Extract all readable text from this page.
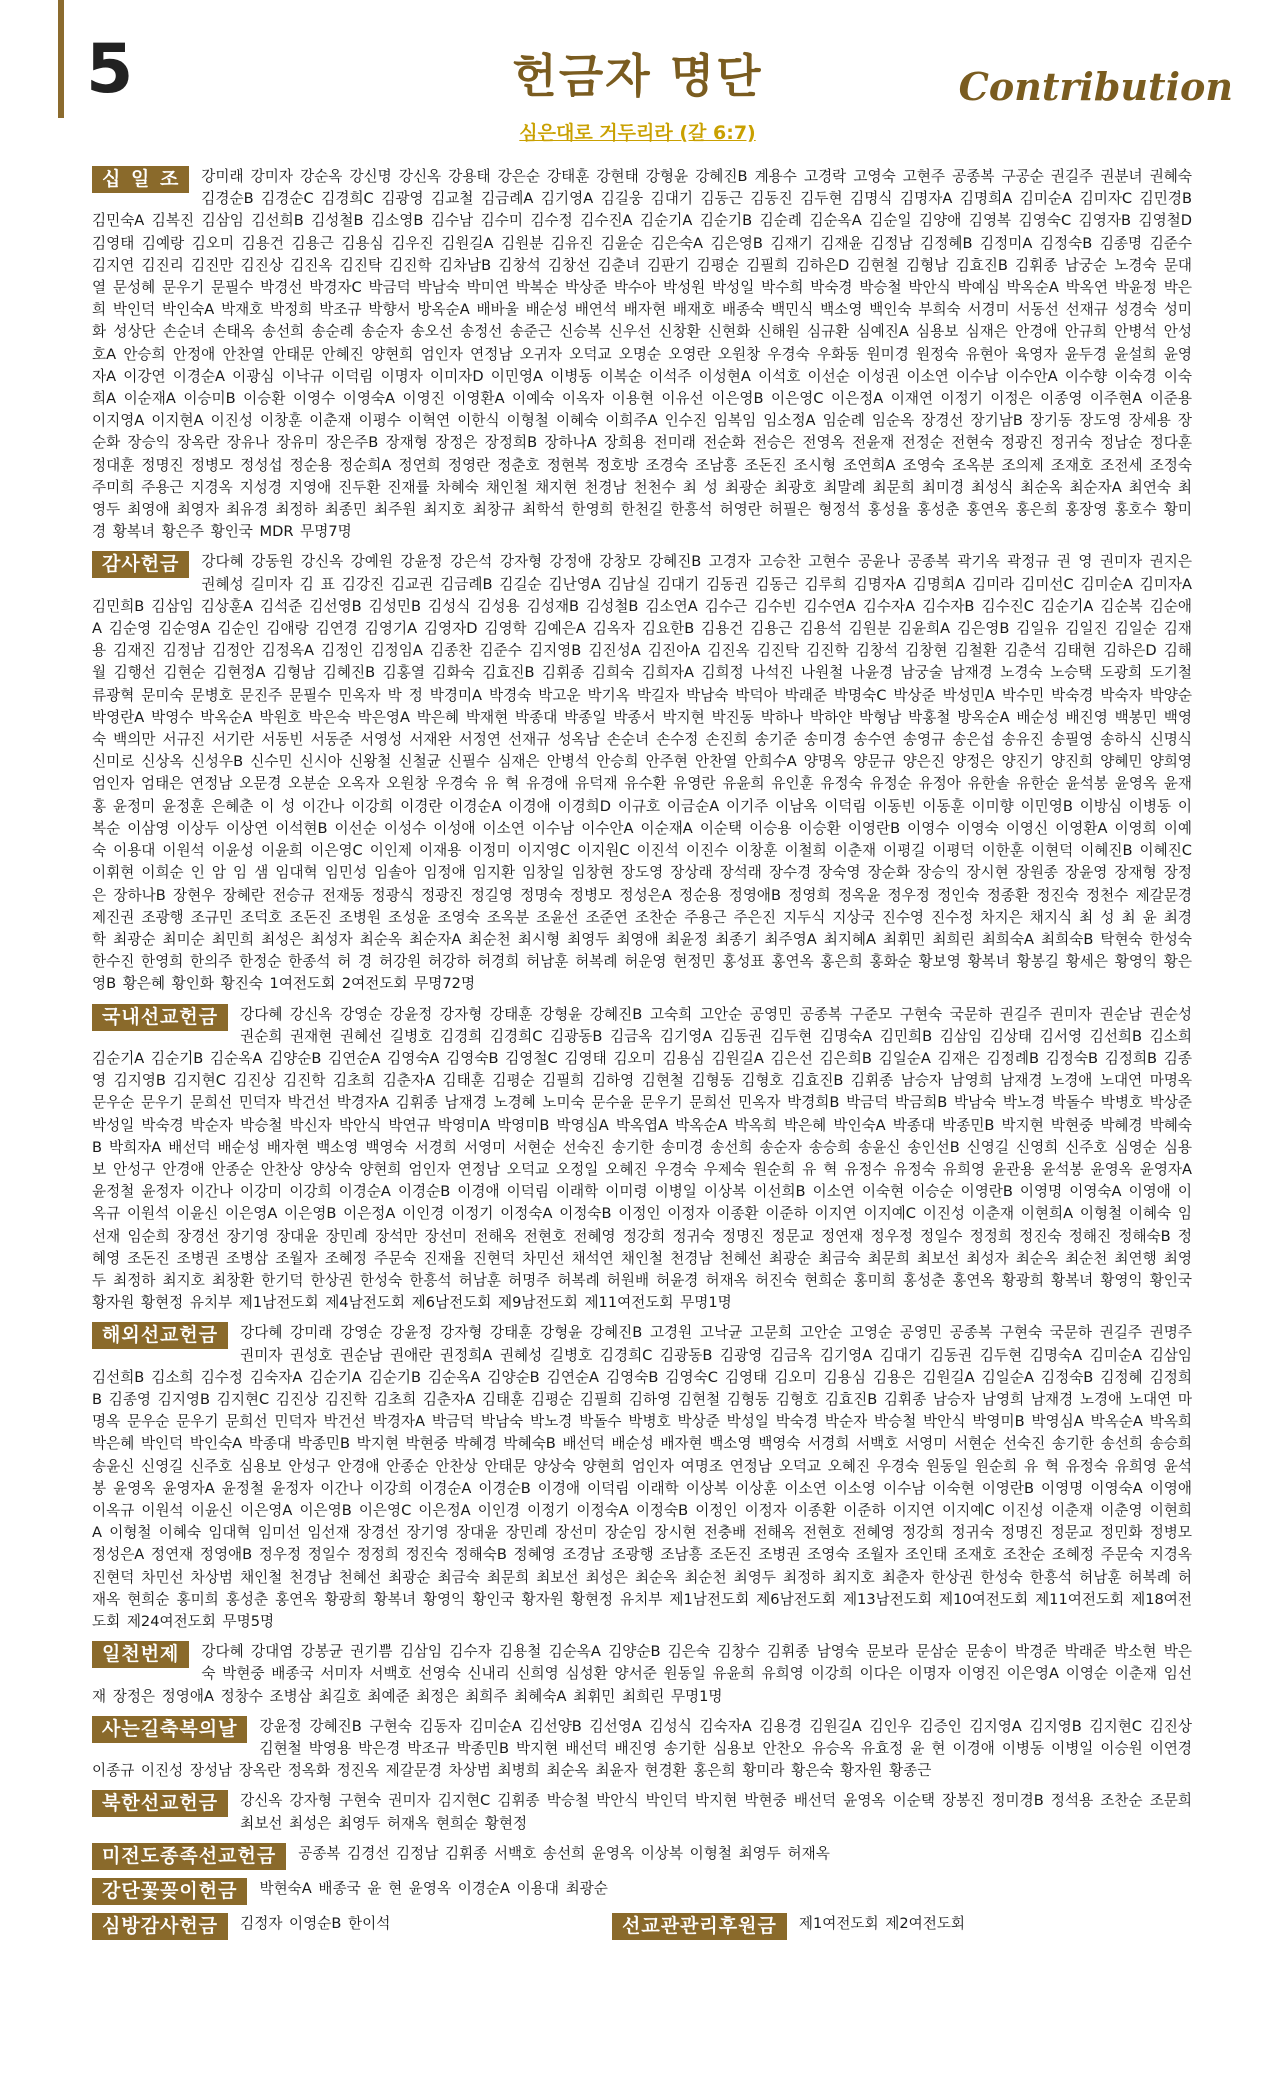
5	헌금자 명단	Contribution
심은대로 거두리라 (갈 6:7)
십 일 조	강미래 강미자 강순옥 강신명 강신옥 강용태 강은순 강태훈 강현태 강형윤 강혜진B 계용수 고경락 고영숙 고현주 공종복 구공순 권길주 권분녀 권혜숙 김경순B 김경순C 김경희C 김광영 김교철 김금례A 김기영A 김길웅 김대기 김동근 김동진 김두현 김명식 김명자A 김명희A 김미순A 김미자C 김민경B 김민숙A 김복진 김삼임 김선희B 김성철B 김소영B 김수남 김수미 김수정 김수진A 김순기A 김순기B 김순례 김순옥A 김순일 김양애 김영복 김영숙C 김영자B 김영철D 김영태 김예랑 김오미 김용건 김용근 김용심 김우진 김원길A 김원분 김유진 김윤순 김은숙A 김은영B 김재기 김재윤 김정남 김정혜B 김정미A 김정숙B 김종명 김준수 김지연 김진리 김진만 김진상 김진옥 김진탁 김진학 김차남B 김창석 김창선 김춘녀 김판기 김평순 김필희 김하은D 김현철 김형남 김효진B 김휘종 남궁순 노경숙 문대열 문성혜 문우기 문필수 박경선 박경자C 박금덕 박남숙 박미연 박복순 박상준 박수아 박성원 박성일 박수희 박숙경 박승철 박안식 박예심 박옥순A 박옥연 박윤정 박은희 박인덕 박인숙A 박재호 박정희 박조규 박향서 방옥순A 배바울 배순성 배연석 배자현 배재호 배종숙 백민식 백소영 백인숙 부희숙 서경미 서동선 선재규 성경숙 성미화 성상단 손순녀 손태옥 송선희 송순례 송순자 송오선 송정선 송준근 신승복 신우선 신창환 신현화 신해원 심규환 심예진A 심용보 심재은 안경애 안규희 안병석 안성호A 안승희 안정애 안찬열 안태문 안혜진 양현희 엄인자 연정남 오귀자 오덕교 오명순 오영란 오원창 우경숙 우화동 원미경 원정숙 유현아 육영자 윤두경 윤설희 윤영자A 이강연 이경순A 이광심 이낙규 이덕림 이명자 이미자D 이민영A 이병동 이복순 이석주 이성현A 이석호 이선순 이성권 이소연 이수남 이수안A 이수향 이숙경 이숙희A 이순재A 이승미B 이승환 이영수 이영숙A 이영진 이영환A 이예숙 이옥자 이용현 이유선 이은영B 이은영C 이은정A 이재연 이정기 이정은 이종영 이주현A 이준용 이지영A 이지현A 이진성 이창훈 이춘재 이평수 이혁연 이한식 이형철 이혜숙 이희주A 인수진 임복임 임소정A 임순례 임순옥 장경선 장기남B 장기동 장도영 장세용 장순화 장승익 장옥란 장유나 장유미 장은주B 장재형 장정은 장정희B 장하나A 장희용 전미래 전순화 전승은 전영옥 전윤재 전정순 전현숙 정광진 정귀숙 정남순 정다훈 정대훈 정명진 정병모 정성섭 정순용 정순희A 정연희 정영란 정춘호 정현복 정호방 조경숙 조남흥 조돈진 조시형 조연희A 조영숙 조옥분 조의제 조재호 조전세 조정숙 주미희 주용근 지경옥 지성경 지영애 진두환 진재률 차혜숙 채인철 채지현 천경남 천천수 최 성 최광순 최광호 최말례 최문희 최미경 최성식 최순옥 최순자A 최연숙 최영두 최영애 최영자 최유경 최정하 최종민 최주원 최지호 최창규 최학석 한영희 한천길 한흥석 허영란 허필은 형정석 홍성율 홍성춘 홍연옥 홍은희 홍장영 홍호수 황미경 황복녀 황은주 황인국 MDR 무명7명
감사헌금	강다혜 강동원 강신옥 강예원 강윤정 강은석 강자형 강정애 강창모 강혜진B 고경자 고승찬 고현수 공윤나 공종복 곽기옥 곽정규 권 영 권미자 권지은 권혜성 길미자 김 표 김강진 김교권 김금례B 김길순 김난영A 김남실 김대기 김동권 김동근 김루희 김명자A 김명희A 김미라 김미선C 김미순A 김미자A 김민희B 김삼임 김상훈A 김석준 김선영B 김성민B 김성식 김성용 김성재B 김성철B 김소연A 김수근 김수빈 김수연A 김수자A 김수자B 김수진C 김순기A 김순복 김순애A 김순영 김순영A 김순인 김애랑 김연경 김영기A 김영자D 김영학 김예은A 김옥자 김요한B 김용건 김용근 김용석 김원분 김윤희A 김은영B 김일유 김일진 김일순 김재용 김재진 김정남 김정안 김정옥A 김정인 김정임A 김종찬 김준수 김지영B 김진성A 김진아A 김진옥 김진탁 김진학 김창석 김창현 김철환 김춘석 김태현 김하은D 김해월 김행선 김현순 김현정A 김형남 김혜진B 김홍열 김화숙 김효진B 김휘종 김희숙 김희자A 김희정 나석진 나원철 나윤경 남궁술 남재경 노경숙 노승택 도광희 도기철 류광혁 문미숙 문병호 문진주 문필수 민옥자 박 정 박경미A 박경숙 박고운 박기옥 박길자 박남숙 박덕아 박래준 박명숙C 박상준 박성민A 박수민 박숙경 박숙자 박양순 박영란A 박영수 박옥순A 박원호 박은숙 박은영A 박은혜 박재현 박종대 박종일 박종서 박지현 박진동 박하나 박하얀 박형남 박홍철 방옥순A 배순성 배진영 백봉민 백영숙 백의만 서규진 서기란 서동빈 서동준 서영성 서재완 서정연 선재규 성옥남 손순녀 손수정 손진희 송기준 송미경 송수연 송영규 송은섭 송유진 송필영 송하식 신명식 신미로 신상옥 신성우B 신수민 신시아 신왕철 신철균 신필수 심재은 안병석 안승희 안주현 안찬열 안희수A 양명옥 양문규 양은진 양정은 양진기 양진희 양혜민 양희영 엄인자 엄태은 연정남 오문경 오분순 오옥자 오원창 우경숙 유 혁 유경애 유덕재 유수환 유영란 유윤희 유인훈 유정숙 유정순 유정아 유한솔 유한순 윤석봉 윤영옥 윤재홍 윤정미 윤정훈 은혜춘 이 성 이간나 이강희 이경란 이경순A 이경애 이경희D 이규호 이금순A 이기주 이남옥 이덕림 이동빈 이동훈 이미향 이민영B 이방심 이병동 이복순 이삼영 이상두 이상연 이석현B 이선순 이성수 이성애 이소연 이수남 이수안A 이순재A 이순택 이승용 이승환 이영란B 이영수 이영숙 이영신 이영환A 이영희 이예숙 이용대 이원석 이윤성 이윤희 이은영C 이인제 이재용 이정미 이지영C 이지원C 이진석 이진수 이창훈 이철희 이춘재 이평길 이평덕 이한훈 이현덕 이혜진B 이혜진C 이휘현 이희순 인 암 임 샘 임대혁 임민성 임솔아 임정애 임지환 임창일 임창현 장도영 장상래 장석래 장수경 장숙영 장순화 장승익 장시현 장원종 장윤영 장재형 장정은 장하나B 장현우 장혜란 전승규 전재동 정광식 정광진 정길영 정명숙 정병모 정성은A 정순용 정영애B 정영희 정옥윤 정우정 정인숙 정종환 정진숙 정천수 제갈문경 제진권 조광행 조규민 조덕호 조돈진 조병원 조성윤 조영숙 조옥분 조윤선 조준연 조찬순 주용근 주은진 지두식 지상국 진수영 진수정 차지은 채지식 최 성 최 윤 최경학 최광순 최미순 최민희 최성은 최성자 최순옥 최순자A 최순천 최시형 최영두 최영애 최윤정 최종기 최주영A 최지혜A 최휘민 최희린 최희숙A 최희숙B 탁현숙 한성숙 한수진 한영희 한의주 한정순 한종석 허 경 허강원 허강하 허경희 허남훈 허복례 허운영 현정민 홍성표 홍연옥 홍은희 홍화순 황보영 황복녀 황봉길 황세은 황영익 황은영B 황은혜 황인화 황진숙 1여전도회 2여전도회 무명72명
국내선교헌금	강다혜 강신옥 강영순 강윤정 강자형 강태훈 강형윤 강혜진B 고숙희 고안순 공영민 공종복 구준모 구현숙 국문하 권길주 권미자 권순남 권순성 권순희 권재현 권혜선 길병호 김경희 김경희C 김광동B 김금옥 김기영A 김동권 김두현 김명숙A 김민희B 김삼임 김상태 김서영 김선희B 김소희 김순기A 김순기B 김순옥A 김양순B 김연순A 김영숙A 김영숙B 김영철C 김영태 김오미 김용심 김원길A 김은선 김은희B 김일순A 김재은 김정례B 김정숙B 김정희B 김종영 김지영B 김지현C 김진상 김진학 김초희 김춘자A 김태훈 김평순 김필희 김하영 김현철 김형동 김형호 김효진B 김휘종 남승자 남영희 남재경 노경애 노대연 마명옥 문우순 문우기 문희선 민덕자 박건선 박경자A 김휘종 남재경 노경혜 노미숙 문수윤 문우기 문희선 민옥자 박경희B 박금덕 박금희B 박남숙 박노경 박돌수 박병호 박상준 박성일 박숙경 박순자 박승철 박신자 박안식 박연규 박영미A 박영미B 박영심A 박옥엽A 박옥순A 박옥희 박은혜 박인숙A 박종대 박종민B 박지현 박현중 박혜경 박혜숙B 박희자A 배선덕 배순성 배자현 백소영 백영숙 서경희 서영미 서현순 선숙진 송기한 송미경 송선희 송순자 송승희 송윤신 송인선B 신영길 신영희 신주호 심영순 심용보 안성구 안경애 안종순 안찬상 양상숙 양현희 엄인자 연정남 오덕교 오정일 오혜진 우경숙 우제숙 원순희 유 혁 유정수 유정숙 유희영 윤관용 윤석봉 윤영옥 윤영자A 윤정철 윤정자 이간나 이강미 이강희 이경순A 이경순B 이경애 이덕림 이래학 이미령 이병일 이상복 이선희B 이소연 이숙현 이승순 이영란B 이영명 이영숙A 이영애 이옥규 이원석 이윤신 이은영A 이은영B 이은정A 이인경 이정기 이정숙A 이정숙B 이정인 이정자 이종환 이준하 이지연 이지예C 이진성 이춘재 이현희A 이형철 이혜숙 임선재 임순희 장경선 장기영 장대윤 장민례 장석만 장선미 전해옥 전현호 전혜영 정강희 정귀숙 정명진 정문교 정연재 정우정 정일수 정정희 정진숙 정해진 정해숙B 정혜영 조돈진 조병권 조병삼 조월자 조혜정 주문숙 진재율 진현덕 차민선 채석연 채인철 천경남 천혜선 최광순 최금숙 최문희 최보선 최성자 최순옥 최순천 최연행 최영두 최정하 최지호 최창환 한기덕 한상권 한성숙 한흥석 허남훈 허명주 허복례 허원배 허윤경 허재옥 허진숙 현희순 홍미희 홍성춘 홍연옥 황광희 황복녀 황영익 황인국 황자원 황현정 유치부 제1남전도회 제4남전도회 제6남전도회 제9남전도회 제11여전도회 무명1명
해외선교헌금	강다혜 강미래 강영순 강윤정 강자형 강태훈 강형윤 강혜진B 고경원 고낙균 고문희 고안순 고영순 공영민 공종복 구현숙 국문하 권길주 권명주 권미자 권성호 권순남 권애란 권정희A 권혜성 길병호 김경희C 김광동B 김광영 김금옥 김기영A 김대기 김동권 김두현 김명숙A 김미순A 김삼임 김선희B 김소희 김수정 김숙자A 김순기A 김순기B 김순옥A 김양순B 김연순A 김영숙B 김영숙C 김영태 김오미 김용심 김용은 김원길A 김일순A 김정숙B 김정혜 김정희B 김종영 김지영B 김지현C 김진상 김진학 김초희 김춘자A 김태훈 김평순 김필희 김하영 김현철 김형동 김형호 김효진B 김휘종 남승자 남영희 남재경 노경애 노대연 마명옥 문우순 문우기 문희선 민덕자 박건선 박경자A 박금덕 박남숙 박노경 박돌수 박병호 박상준 박성일 박숙경 박순자 박승철 박안식 박영미B 박영심A 박옥순A 박옥희 박은혜 박인덕 박인숙A 박종대 박종민B 박지현 박현중 박혜경 박혜숙B 배선덕 배순성 배자현 백소영 백영숙 서경희 서백호 서영미 서현순 선숙진 송기한 송선희 송승희 송윤신 신영길 신주호 심용보 안성구 안경애 안종순 안찬상 안태문 양상숙 양현희 엄인자 여명조 연정남 오덕교 오혜진 우경숙 원동일 원순희 유 혁 유정숙 유희영 윤석봉 윤영옥 윤영자A 윤정철 윤정자 이간나 이강희 이경순A 이경순B 이경애 이덕림 이래학 이상복 이상훈 이소연 이소영 이수남 이숙현 이영란B 이영명 이영숙A 이영애 이옥규 이원석 이윤신 이은영A 이은영B 이은영C 이은정A 이인경 이정기 이정숙A 이정숙B 이정인 이정자 이종환 이준하 이지연 이지예C 이진성 이춘재 이춘영 이현희A 이형철 이혜숙 임대혁 임미선 임선재 장경선 장기영 장대윤 장민례 장선미 장순임 장시현 전충배 전해옥 전현호 전혜영 정강희 정귀숙 정명진 정문교 정민화 정병모 정성은A 정연재 정영애B 정우정 정일수 정정희 정진숙 정해숙B 정혜영 조경남 조광행 조남흥 조돈진 조병권 조영숙 조월자 조인태 조재호 조찬순 조혜정 주문숙 지경옥 진현덕 차민선 차상범 채인철 천경남 천혜선 최광순 최금숙 최문희 최보선 최성은 최순옥 최순천 최영두 최정하 최지호 최춘자 한상권 한성숙 한흥석 허남훈 허복례 허재옥 현희순 홍미희 홍성춘 홍연옥 황광희 황복녀 황영익 황인국 황자원 황현정 유치부 제1남전도회 제6남전도회 제13남전도회 제10여전도회 제11여전도회 제18여전도회 제24여전도회 무명5명
일천번제	강다혜 강대염 강봉균 권기쁨 김삼임 김수자 김용철 김순옥A 김양순B 김은숙 김창수 김휘종 남영숙 문보라 문삼순 문송이 박경준 박래준 박소현 박은숙 박현중 배종국 서미자 서백호 선영숙 신내리 신희영 심성환 양서준 원동일 유윤희 유희영 이강희 이다은 이명자 이영진 이은영A 이영순 이춘재 임선재 장정은 정영애A 정창수 조병삼 최길호 최예준 최정은 최희주 최혜숙A 최휘민 최희린 무명1명
사는길축복의날	강윤정 강혜진B 구현숙 김동자 김미순A 김선양B 김선영A 김성식 김숙자A 김용경 김원길A 김인우 김증인 김지영A 김지영B 김지현C 김진상 김현철 박영용 박은경 박조규 박종민B 박지현 배선덕 배진영 송기한 심용보 안찬오 유승옥 유효정 윤 현 이경애 이병동 이병일 이승원 이연경 이종규 이진성 장성남 장옥란 정옥화 정진옥 제갈문경 차상범 최병희 최순옥 최윤자 현경환 홍은희 황미라 황은숙 황자원 황종근
북한선교헌금	강신옥 강자형 구현숙 권미자 김지현C 김휘종 박승철 박안식 박인덕 박지현 박현중 배선덕 윤영옥 이순택 장봉진 정미경B 정석용 조찬순 조문희 최보선 최성은 최영두 허재옥 현희순 황현정
미전도종족선교헌금	공종복 김경선 김정남 김휘종 서백호 송선희 윤영옥 이상복 이형철 최영두 허재옥
강단꽃꽂이헌금	박현숙A 배종국 윤 현 윤영옥 이경순A 이용대 최광순
심방감사헌금	김정자 이영순B 한이석	선교관관리후원금	제1여전도회 제2여전도회
